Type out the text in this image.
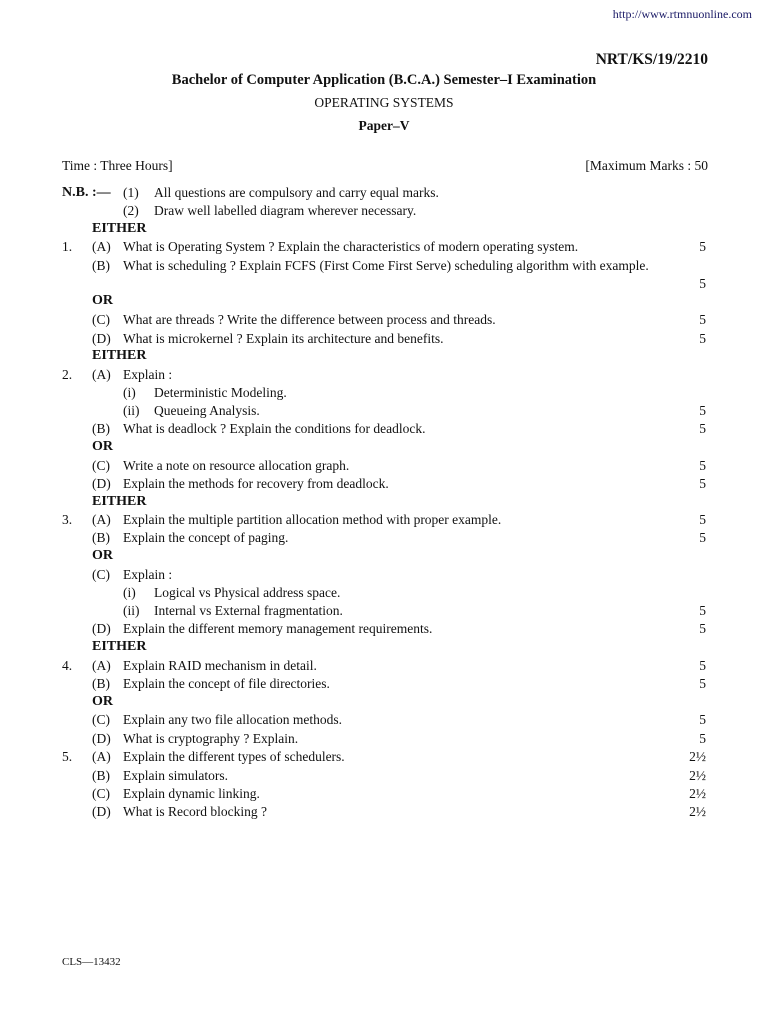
http://www.rtmnuonline.com
NRT/KS/19/2210
Bachelor of Computer Application (B.C.A.) Semester–I Examination
OPERATING SYSTEMS
Paper–V
Time : Three Hours]	[Maximum Marks : 50
N.B. :— (1) All questions are compulsory and carry equal marks.
(2) Draw well labelled diagram wherever necessary.
EITHER
1. (A) What is Operating System ? Explain the characteristics of modern operating system.	5
(B) What is scheduling ? Explain FCFS (First Come First Serve) scheduling algorithm with example.
5
OR
(C) What are threads ? Write the difference between process and threads.	5
(D) What is microkernel ? Explain its architecture and benefits.	5
EITHER
2. (A) Explain :
(i) Deterministic Modeling.
(ii) Queueing Analysis.	5
(B) What is deadlock ? Explain the conditions for deadlock.	5
OR
(C) Write a note on resource allocation graph.	5
(D) Explain the methods for recovery from deadlock.	5
EITHER
3. (A) Explain the multiple partition allocation method with proper example.	5
(B) Explain the concept of paging.	5
OR
(C) Explain :
(i) Logical vs Physical address space.
(ii) Internal vs External fragmentation.	5
(D) Explain the different memory management requirements.	5
EITHER
4. (A) Explain RAID mechanism in detail.	5
(B) Explain the concept of file directories.	5
OR
(C) Explain any two file allocation methods.	5
(D) What is cryptography ? Explain.	5
5. (A) Explain the different types of schedulers.	2½
(B) Explain simulators.	2½
(C) Explain dynamic linking.	2½
(D) What is Record blocking ?	2½
CLS—13432
